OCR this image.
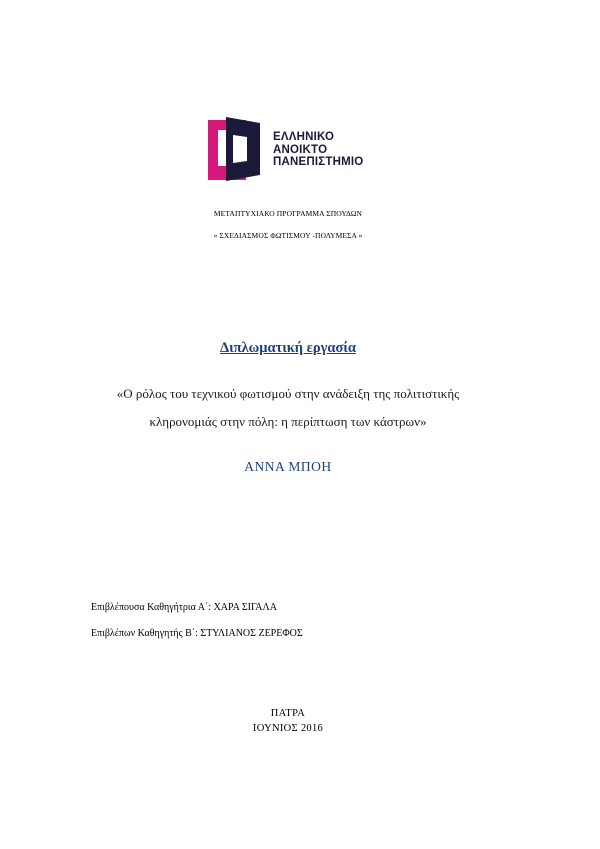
ΕΛΛΗΝΙΚΟ
ΑΝΟΙΚΤΟ
ΠΑΝΕΠΙΣΤΗΜΙΟ
ΜΕΤΑΠΤΥΧΙΑΚΟ ΠΡΟΓΡΑΜΜΑ ΣΠΟΥΔΩΝ
« ΣΧΕΔΙΑΣΜΟΣ ΦΩΤΙΣΜΟΥ -ΠΟΛΥΜΕΣΑ »
Διπλωματική εργασία
«Ο ρόλος του τεχνικού φωτισμού στην ανάδειξη της πολιτιστικής
κληρονομιάς στην πόλη: η περίπτωση των κάστρων»
ΑΝΝΑ ΜΠΟΗ
Επιβλέπουσα Καθηγήτρια Α΄: ΧΑΡΑ ΣΙΓΑΛΑ
Επιβλέπων Καθηγητής Β΄: ΣΤΥΛΙΑΝΟΣ ΖΕΡΕΦΟΣ
ΠΑΤΡΑ
ΙΟΥΝΙΟΣ 2016
